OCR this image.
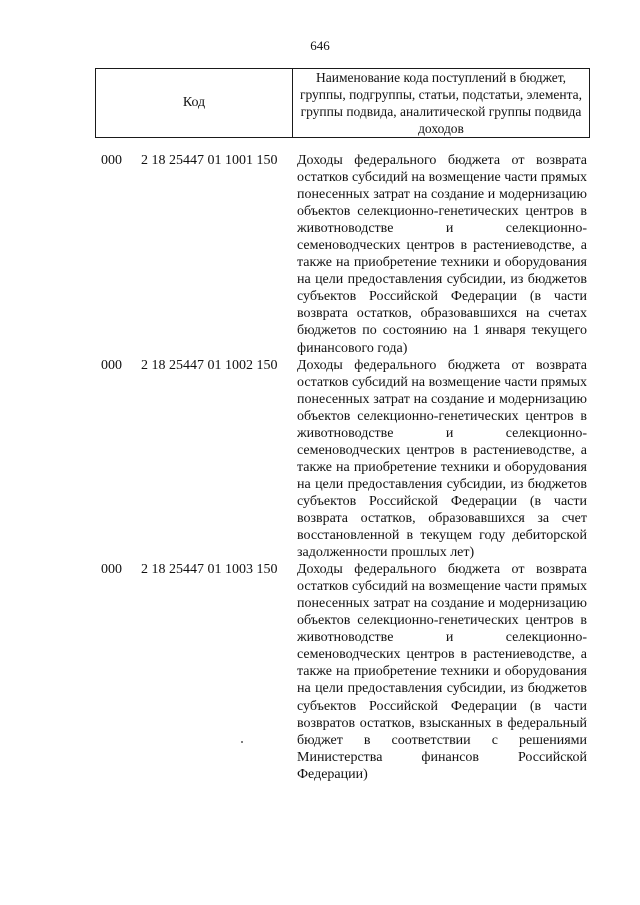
646
Код
Наименование кода поступлений в бюджет, группы, подгруппы, статьи, подстатьи, элемента, группы подвида, аналитической группы подвида доходов
000 2 18 25447 01 1001 150 Доходы федерального бюджета от возврата остатков субсидий на возмещение части прямых понесенных затрат на создание и модернизацию объектов селекционно-генетических центров в животноводстве и селекционно-семеноводческих центров в растениеводстве, а также на приобретение техники и оборудования на цели предоставления субсидии, из бюджетов субъектов Российской Федерации (в части возврата остатков, образовавшихся на счетах бюджетов по состоянию на 1 января текущего финансового года)
000 2 18 25447 01 1002 150 Доходы федерального бюджета от возврата остатков субсидий на возмещение части прямых понесенных затрат на создание и модернизацию объектов селекционно-генетических центров в животноводстве и селекционно-семеноводческих центров в растениеводстве, а также на приобретение техники и оборудования на цели предоставления субсидии, из бюджетов субъектов Российской Федерации (в части возврата остатков, образовавшихся за счет восстановленной в текущем году дебиторской задолженности прошлых лет)
000 2 18 25447 01 1003 150 Доходы федерального бюджета от возврата остатков субсидий на возмещение части прямых понесенных затрат на создание и модернизацию объектов селекционно-генетических центров в животноводстве и селекционно-семеноводческих центров в растениеводстве, а также на приобретение техники и оборудования на цели предоставления субсидии, из бюджетов субъектов Российской Федерации (в части возвратов остатков, взысканных в федеральный бюджет в соответствии с решениями Министерства финансов Российской Федерации)
